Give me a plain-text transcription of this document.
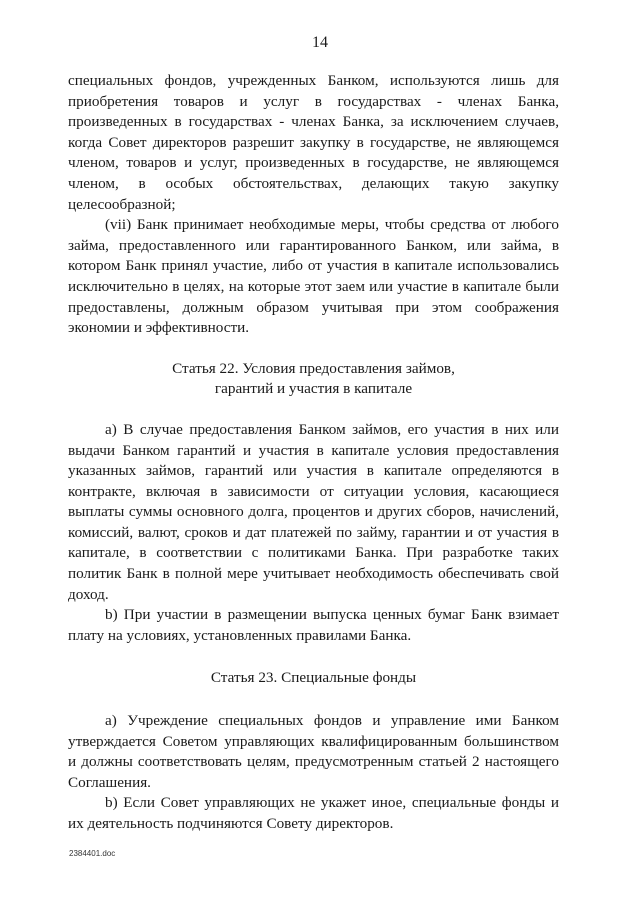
14

специальных фондов, учрежденных Банком, используются лишь для приобретения товаров и услуг в государствах - членах Банка, произведенных в государствах - членах Банка, за исключением случаев, когда Совет директоров разрешит закупку в государстве, не являющемся членом, товаров и услуг, произведенных в государстве, не являющемся членом, в особых обстоятельствах, делающих такую закупку целесообразной;

(vii) Банк принимает необходимые меры, чтобы средства от любого займа, предоставленного или гарантированного Банком, или займа, в котором Банк принял участие, либо от участия в капитале использовались исключительно в целях, на которые этот заем или участие в капитале были предоставлены, должным образом учитывая при этом соображения экономии и эффективности.

Статья 22. Условия предоставления займов,
гарантий и участия в капитале

a) В случае предоставления Банком займов, его участия в них или выдачи Банком гарантий и участия в капитале условия предоставления указанных займов, гарантий или участия в капитале определяются в контракте, включая в зависимости от ситуации условия, касающиеся выплаты суммы основного долга, процентов и других сборов, начислений, комиссий, валют, сроков и дат платежей по займу, гарантии и от участия в капитале, в соответствии с политиками Банка. При разработке таких политик Банк в полной мере учитывает необходимость обеспечивать свой доход.

b) При участии в размещении выпуска ценных бумаг Банк взимает плату на условиях, установленных правилами Банка.

Статья 23. Специальные фонды

a) Учреждение специальных фондов и управление ими Банком утверждается Советом управляющих квалифицированным большинством и должны соответствовать целям, предусмотренным статьей 2 настоящего Соглашения.

b) Если Совет управляющих не укажет иное, специальные фонды и их деятельность подчиняются Совету директоров.

2384401.doc
